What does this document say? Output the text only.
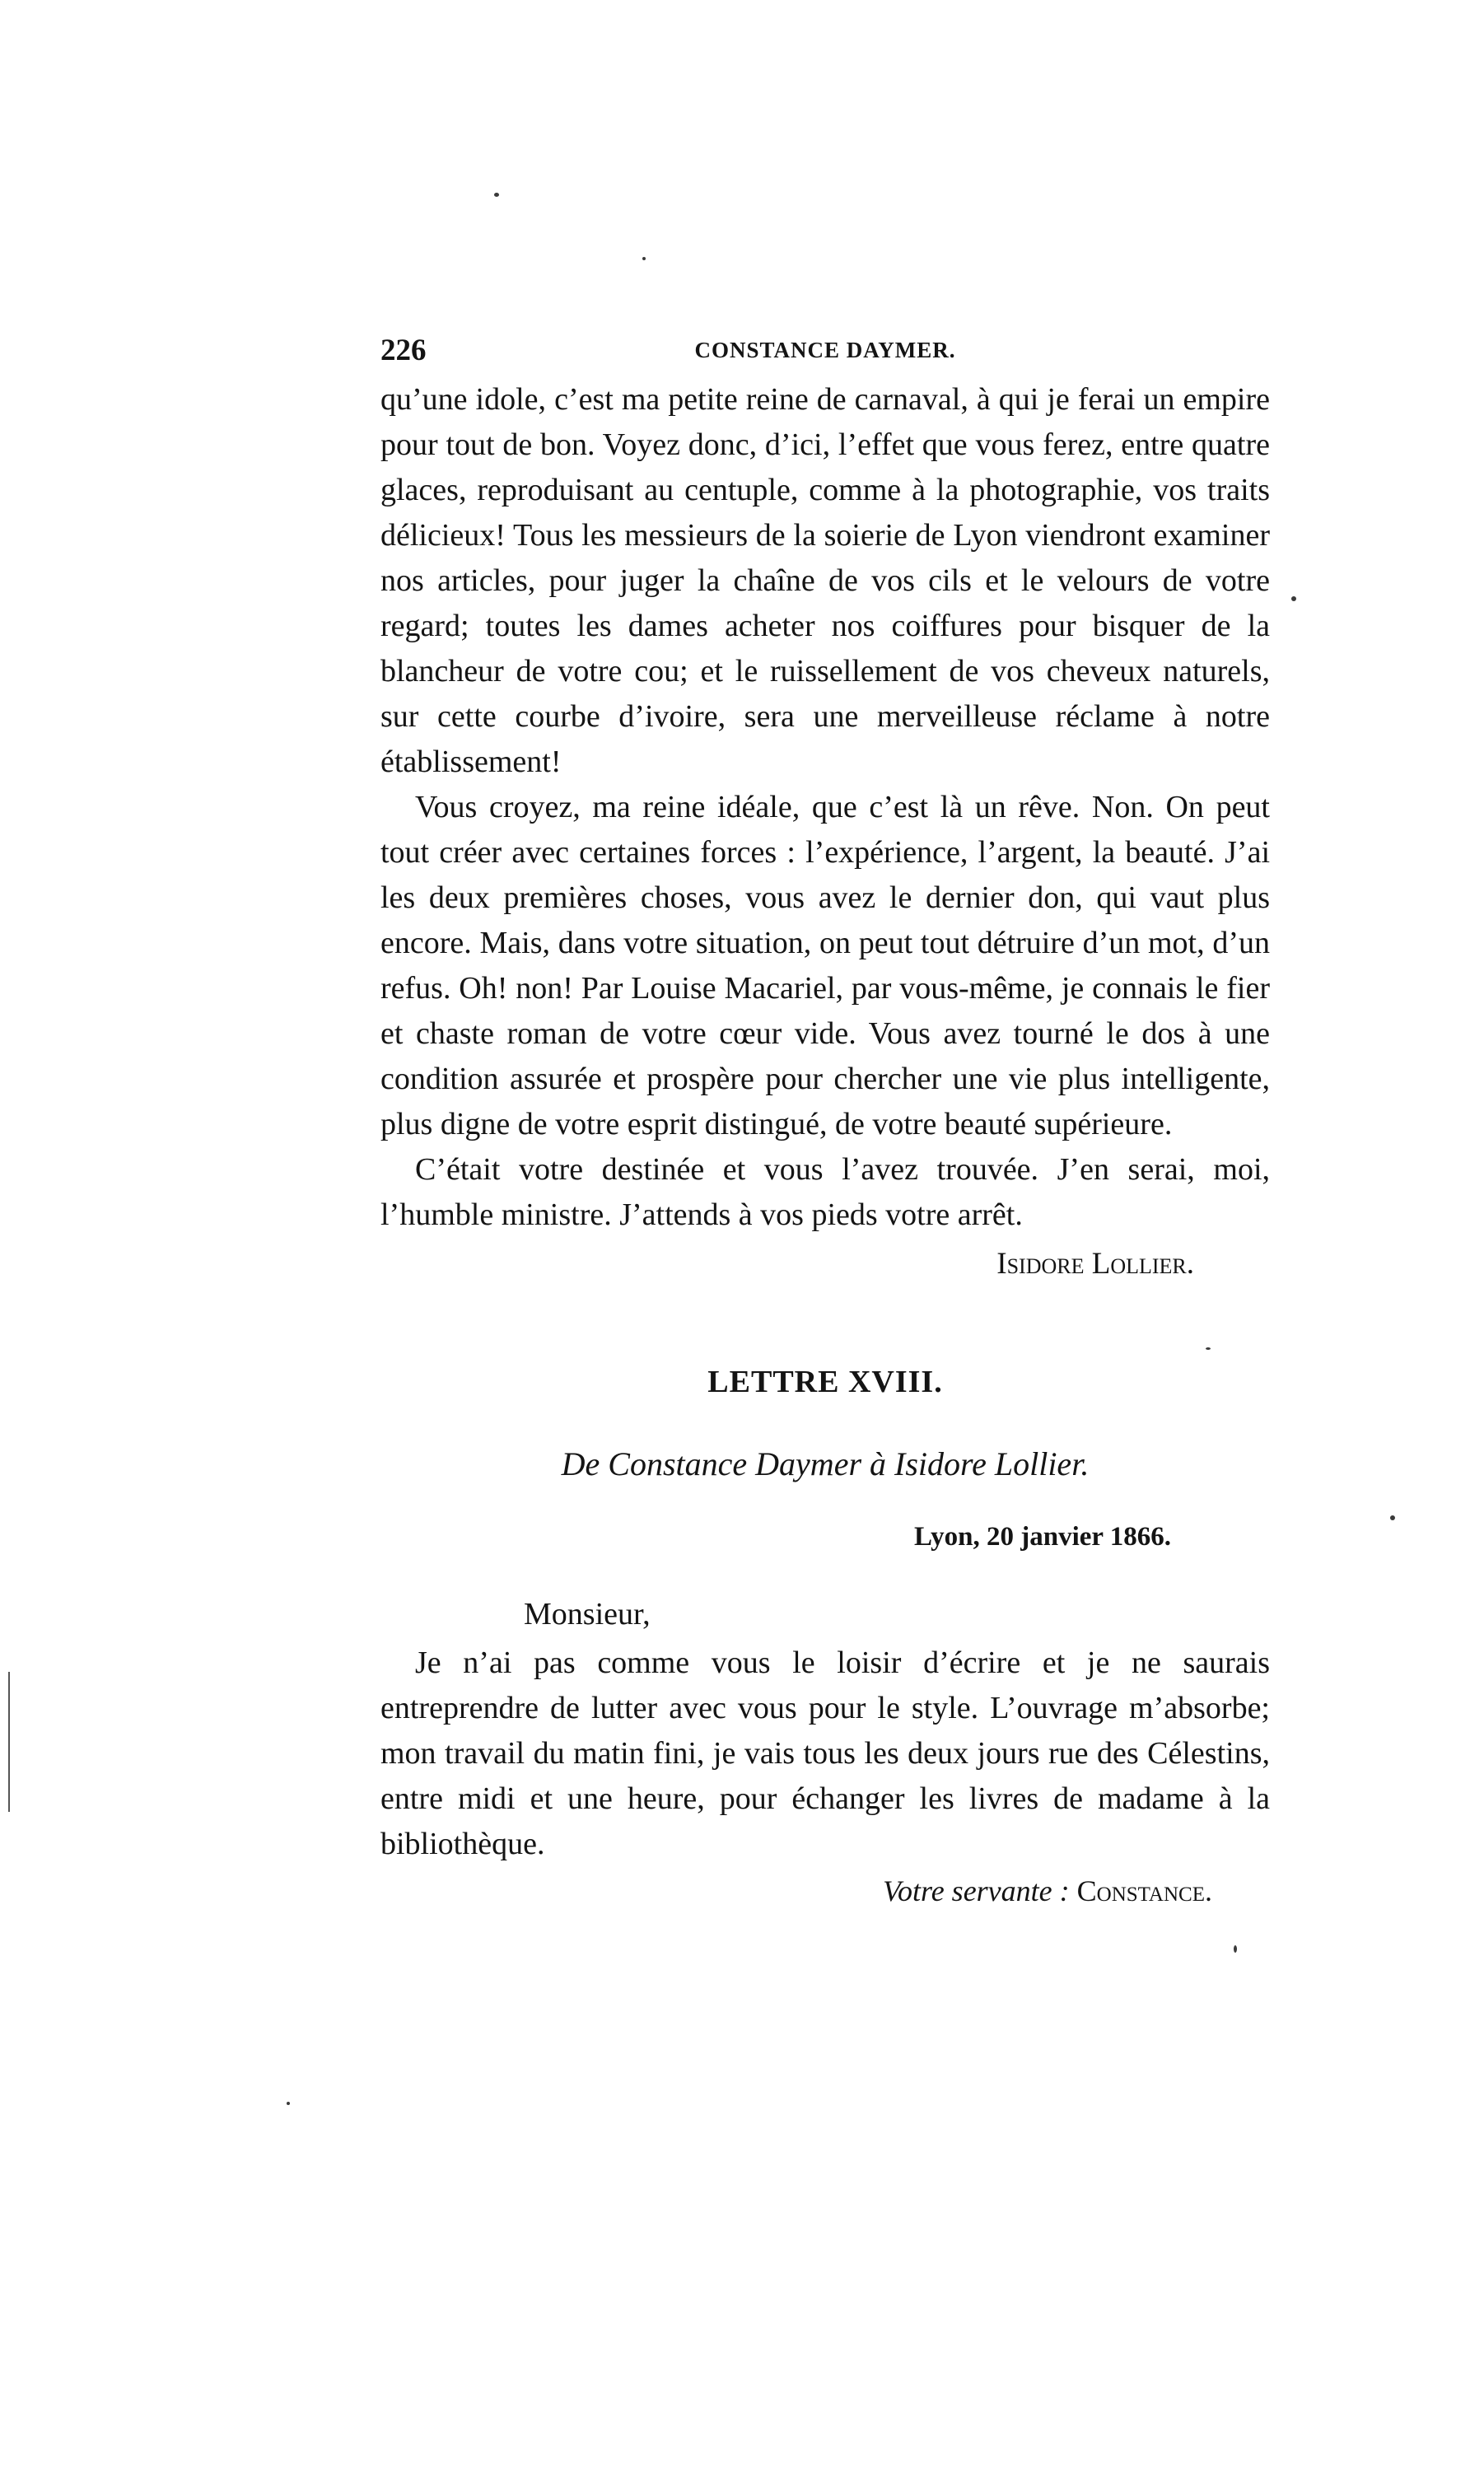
226	CONSTANCE DAYMER.

qu’une idole, c’est ma petite reine de carnaval, à qui je ferai un empire pour tout de bon. Voyez donc, d’ici, l’effet que vous ferez, entre quatre glaces, reproduisant au centuple, comme à la photographie, vos traits délicieux! Tous les messieurs de la soierie de Lyon viendront examiner nos articles, pour juger la chaîne de vos cils et le velours de votre regard; toutes les dames acheter nos coiffures pour bisquer de la blancheur de votre cou; et le ruissellement de vos cheveux naturels, sur cette courbe d’ivoire, sera une merveilleuse réclame à notre établissement!

Vous croyez, ma reine idéale, que c’est là un rêve. Non. On peut tout créer avec certaines forces : l’expérience, l’argent, la beauté. J’ai les deux premières choses, vous avez le dernier don, qui vaut plus encore. Mais, dans votre situation, on peut tout détruire d’un mot, d’un refus. Oh! non! Par Louise Macariel, par vous-même, je connais le fier et chaste roman de votre cœur vide. Vous avez tourné le dos à une condition assurée et prospère pour chercher une vie plus intelligente, plus digne de votre esprit distingué, de votre beauté supérieure.

C’était votre destinée et vous l’avez trouvée. J’en serai, moi, l’humble ministre. J’attends à vos pieds votre arrêt.

Isidore Lollier.
LETTRE XVIII.
De Constance Daymer à Isidore Lollier.
Lyon, 20 janvier 1866.
Monsieur,

Je n’ai pas comme vous le loisir d’écrire et je ne saurais entreprendre de lutter avec vous pour le style. L’ouvrage m’absorbe; mon travail du matin fini, je vais tous les deux jours rue des Célestins, entre midi et une heure, pour échanger les livres de madame à la bibliothèque.

Votre servante : Constance.
